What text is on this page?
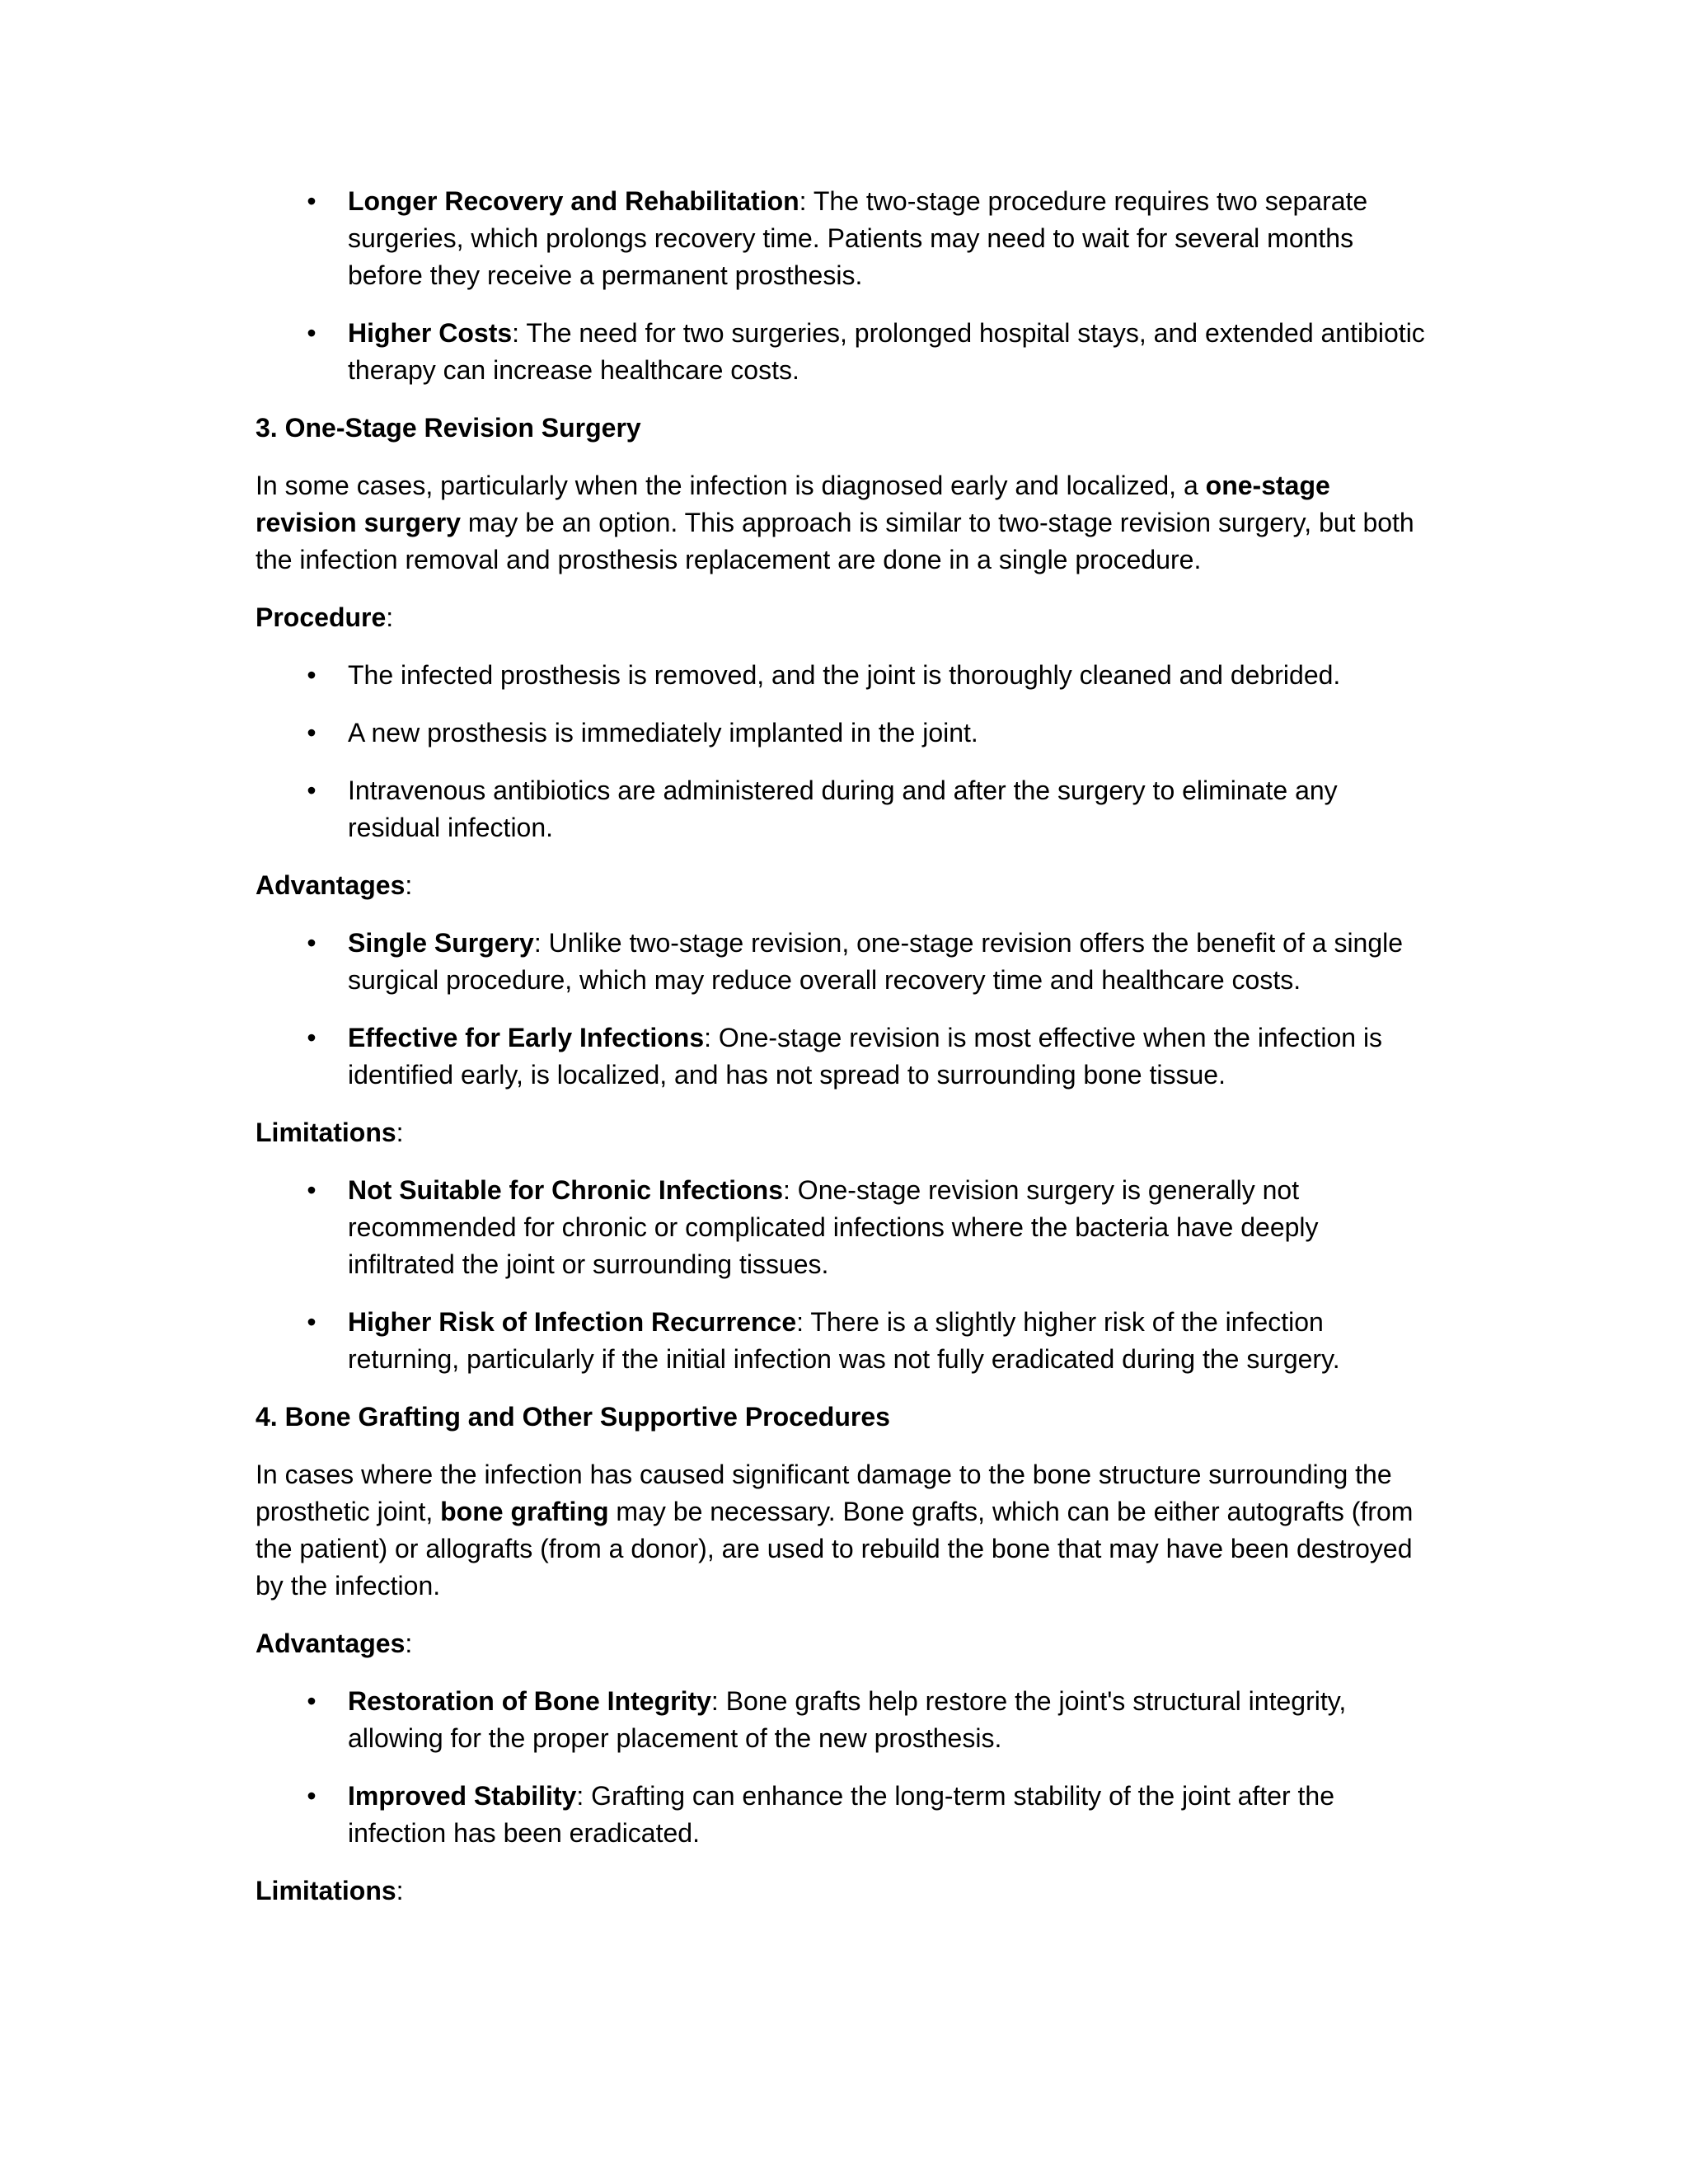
• Longer Recovery and Rehabilitation: The two-stage procedure requires two separate surgeries, which prolongs recovery time. Patients may need to wait for several months before they receive a permanent prosthesis.
• Higher Costs: The need for two surgeries, prolonged hospital stays, and extended antibiotic therapy can increase healthcare costs.
3. One-Stage Revision Surgery

In some cases, particularly when the infection is diagnosed early and localized, a one-stage revision surgery may be an option. This approach is similar to two-stage revision surgery, but both the infection removal and prosthesis replacement are done in a single procedure.

Procedure:

• The infected prosthesis is removed, and the joint is thoroughly cleaned and debrided.
• A new prosthesis is immediately implanted in the joint.
• Intravenous antibiotics are administered during and after the surgery to eliminate any residual infection.

Advantages:

• Single Surgery: Unlike two-stage revision, one-stage revision offers the benefit of a single surgical procedure, which may reduce overall recovery time and healthcare costs.
• Effective for Early Infections: One-stage revision is most effective when the infection is identified early, is localized, and has not spread to surrounding bone tissue.

Limitations:

• Not Suitable for Chronic Infections: One-stage revision surgery is generally not recommended for chronic or complicated infections where the bacteria have deeply infiltrated the joint or surrounding tissues.
• Higher Risk of Infection Recurrence: There is a slightly higher risk of the infection returning, particularly if the initial infection was not fully eradicated during the surgery.
4. Bone Grafting and Other Supportive Procedures

In cases where the infection has caused significant damage to the bone structure surrounding the prosthetic joint, bone grafting may be necessary. Bone grafts, which can be either autografts (from the patient) or allografts (from a donor), are used to rebuild the bone that may have been destroyed by the infection.

Advantages:

• Restoration of Bone Integrity: Bone grafts help restore the joint's structural integrity, allowing for the proper placement of the new prosthesis.
• Improved Stability: Grafting can enhance the long-term stability of the joint after the infection has been eradicated.

Limitations:
